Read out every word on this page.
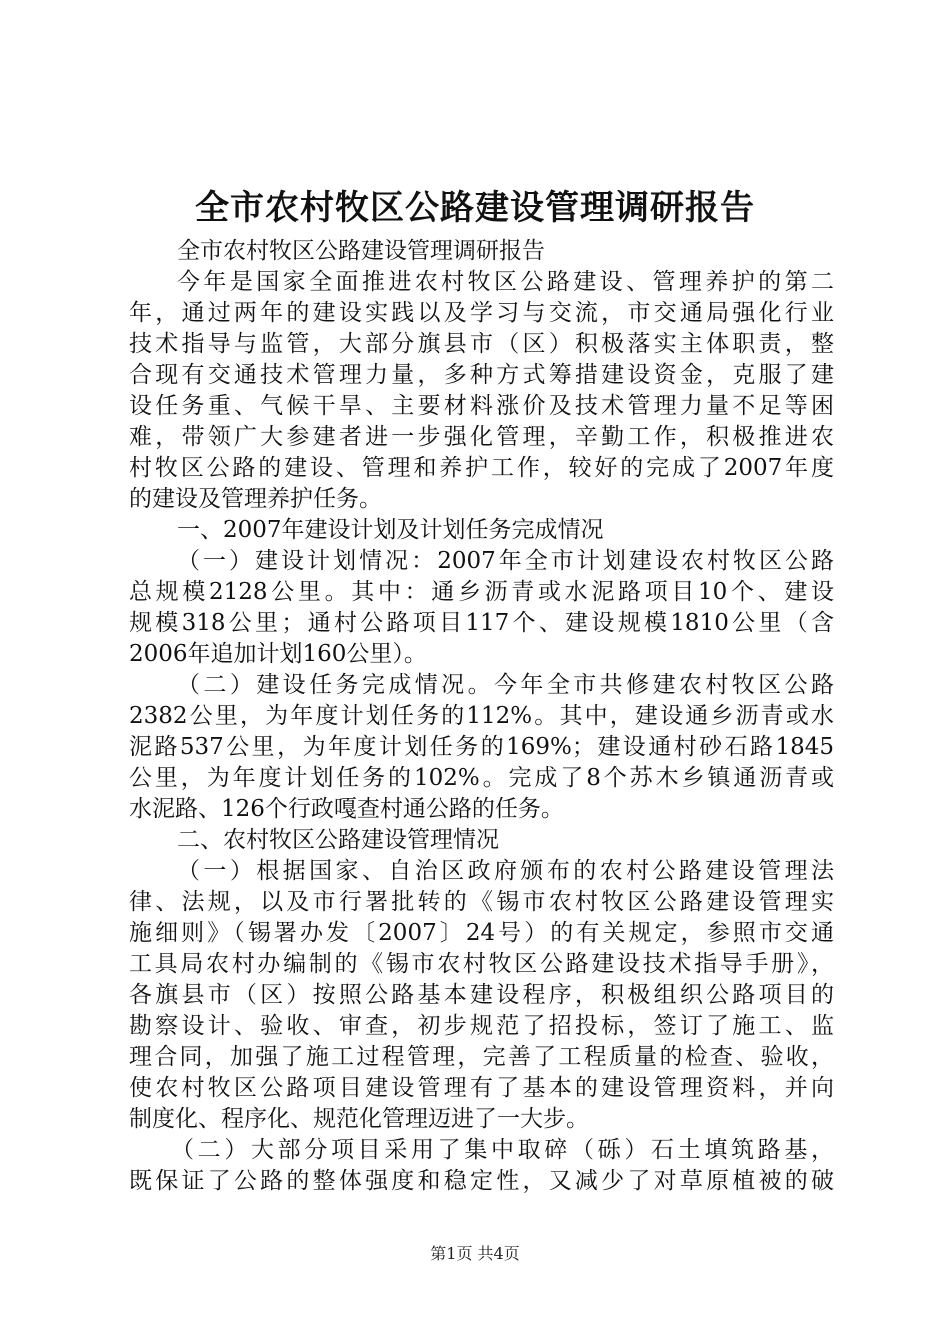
全市农村牧区公路建设管理调研报告
全市农村牧区公路建设管理调研报告
今年是国家全面推进农村牧区公路建设、管理养护的第二
年，通过两年的建设实践以及学习与交流，市交通局强化行业
技术指导与监管，大部分旗县市（区）积极落实主体职责，整
合现有交通技术管理力量，多种方式筹措建设资金，克服了建
设任务重、气候干旱、主要材料涨价及技术管理力量不足等困
难，带领广大参建者进一步强化管理，辛勤工作，积极推进农
村牧区公路的建设、管理和养护工作，较好的完成了2007年度
的建设及管理养护任务。
一、2007年建设计划及计划任务完成情况
（一）建设计划情况：2007年全市计划建设农村牧区公路
总规模2128公里。其中：通乡沥青或水泥路项目10个、建设
规模318公里；通村公路项目117个、建设规模1810公里（含
2006年追加计划160公里）。
（二）建设任务完成情况。今年全市共修建农村牧区公路
2382公里，为年度计划任务的112%。其中，建设通乡沥青或水
泥路537公里，为年度计划任务的169%；建设通村砂石路1845
公里，为年度计划任务的102%。完成了8个苏木乡镇通沥青或
水泥路、126个行政嘎查村通公路的任务。
二、农村牧区公路建设管理情况
（一）根据国家、自治区政府颁布的农村公路建设管理法
律、法规，以及市行署批转的《锡市农村牧区公路建设管理实
施细则》（锡署办发〔2007〕24号）的有关规定，参照市交通
工具局农村办编制的《锡市农村牧区公路建设技术指导手册》，
各旗县市（区）按照公路基本建设程序，积极组织公路项目的
勘察设计、验收、审查，初步规范了招投标，签订了施工、监
理合同，加强了施工过程管理，完善了工程质量的检查、验收，
使农村牧区公路项目建设管理有了基本的建设管理资料，并向
制度化、程序化、规范化管理迈进了一大步。
（二）大部分项目采用了集中取碎（砾）石土填筑路基，
既保证了公路的整体强度和稳定性，又减少了对草原植被的破
第1页 共4页
